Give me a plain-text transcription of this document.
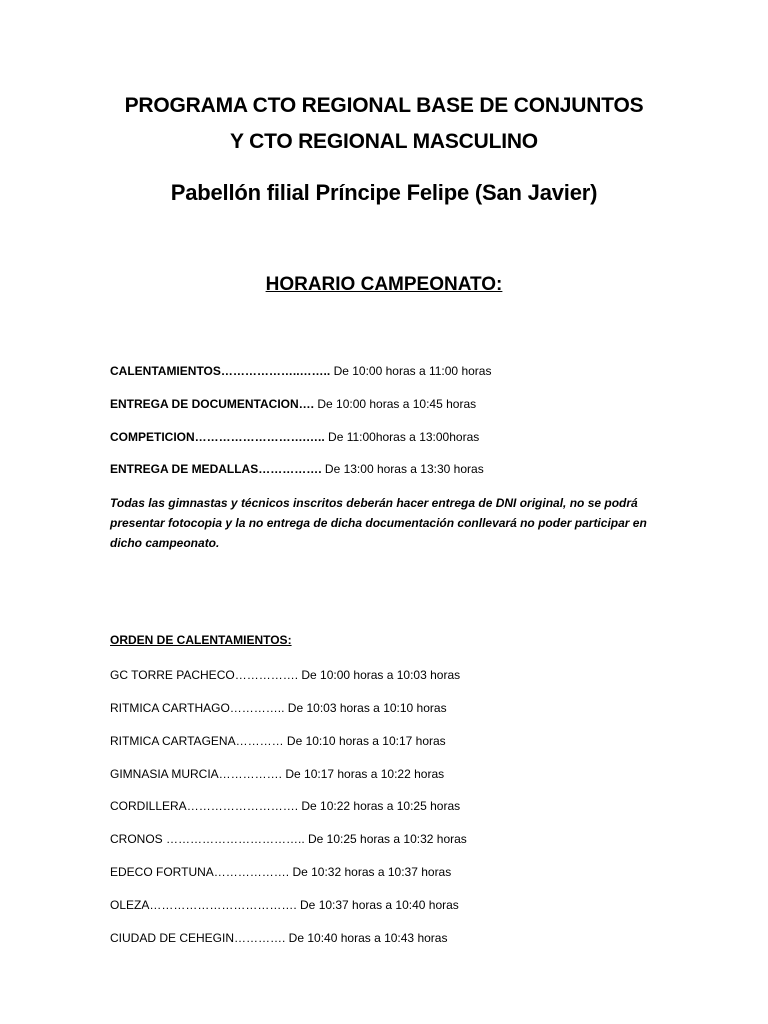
PROGRAMA CTO REGIONAL BASE DE CONJUNTOS
Y CTO REGIONAL MASCULINO
Pabellón filial Príncipe Felipe (San Javier)
HORARIO CAMPEONATO:
CALENTAMIENTOS………………..…….. De 10:00 horas a 11:00 horas
ENTREGA DE DOCUMENTACION…. De 10:00 horas a 10:45 horas
COMPETICION……………………….….. De 11:00horas a 13:00horas
ENTREGA DE MEDALLAS……………. De 13:00 horas a 13:30 horas
Todas las gimnastas y técnicos inscritos deberán hacer entrega de DNI original, no se podrá presentar fotocopia y la no entrega de dicha documentación conllevará no poder participar en dicho campeonato.
ORDEN DE CALENTAMIENTOS:
GC TORRE PACHECO……………. De 10:00 horas a 10:03 horas
RITMICA CARTHAGO………….. De 10:03 horas a 10:10 horas
RITMICA CARTAGENA………… De 10:10 horas a 10:17 horas
GIMNASIA MURCIA……………. De 10:17 horas a 10:22 horas
CORDILLERA………………………. De 10:22 horas a 10:25 horas
CRONOS …………………………….. De 10:25 horas a 10:32 horas
EDECO FORTUNA………………. De 10:32 horas a 10:37 horas
OLEZA………………………………. De 10:37 horas a 10:40 horas
CIUDAD DE CEHEGIN…………. De 10:40 horas a 10:43 horas
